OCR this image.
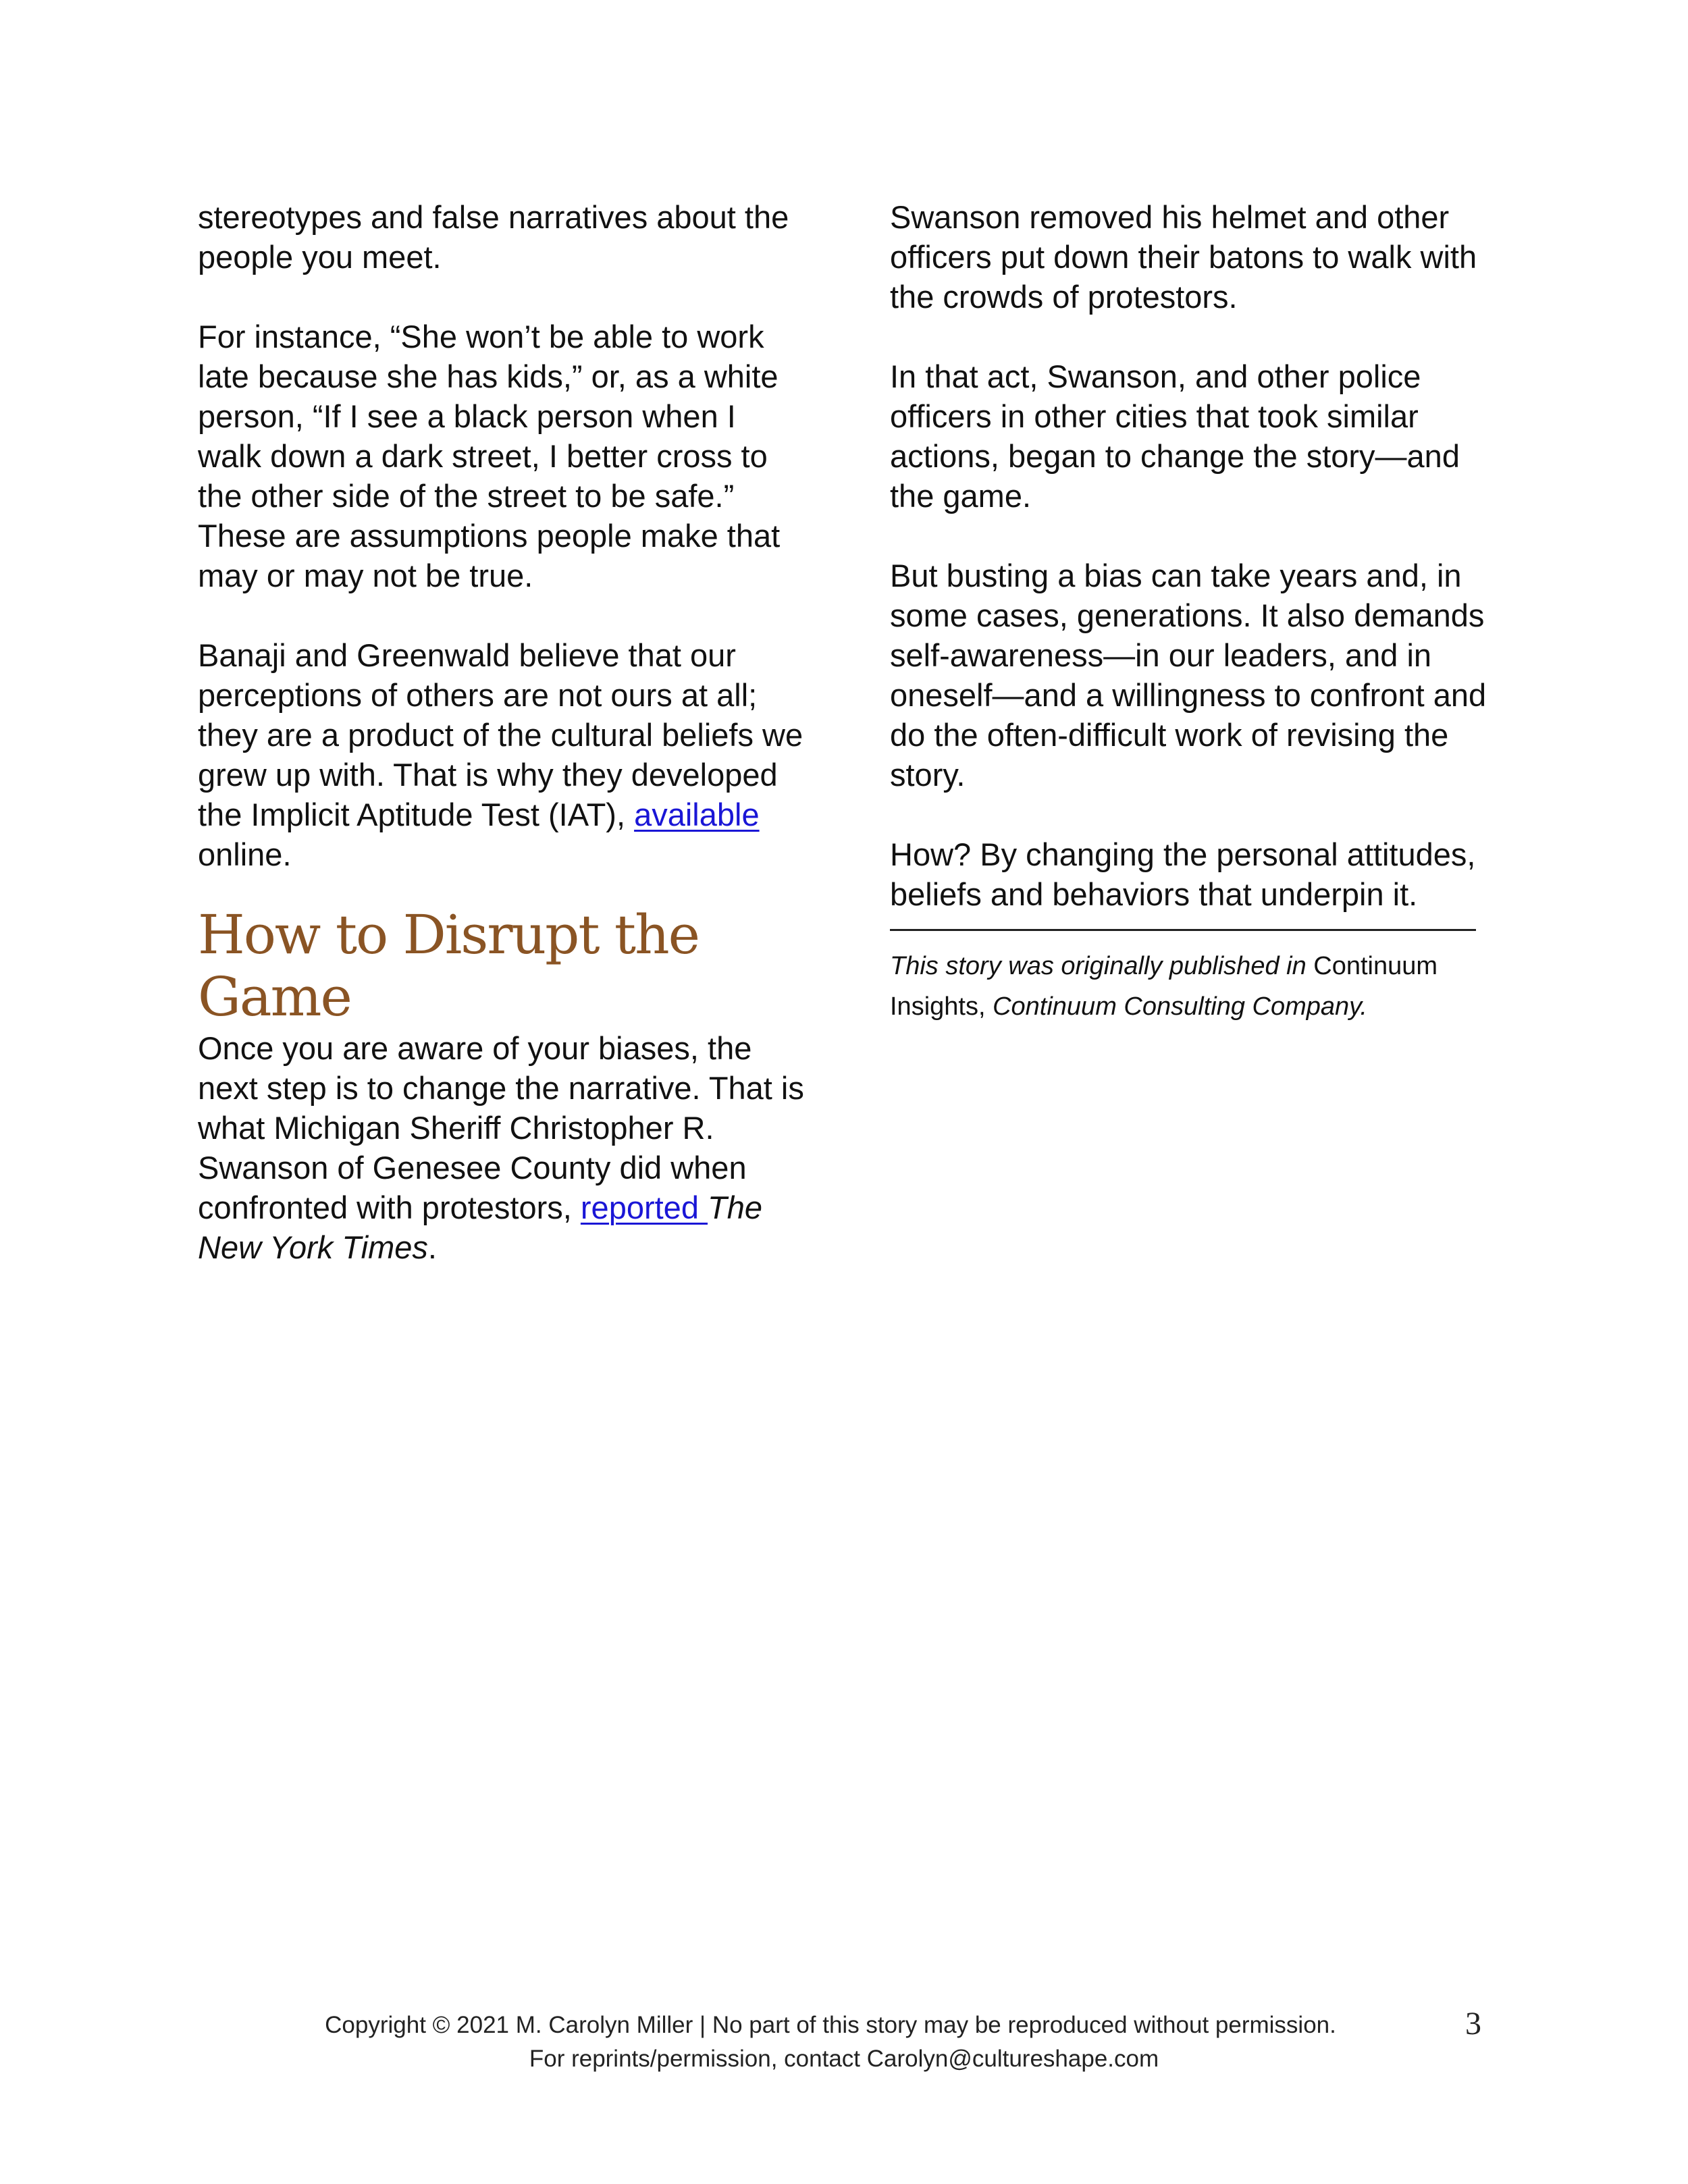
stereotypes and false narratives about the people you meet.

For instance, “She won’t be able to work late because she has kids,” or, as a white person, “If I see a black person when I walk down a dark street, I better cross to the other side of the street to be safe.” These are assumptions people make that may or may not be true.

Banaji and Greenwald believe that our perceptions of others are not ours at all; they are a product of the cultural beliefs we grew up with. That is why they developed the Implicit Aptitude Test (IAT), available online.

How to Disrupt the Game

Once you are aware of your biases, the next step is to change the narrative. That is what Michigan Sheriff Christopher R. Swanson of Genesee County did when confronted with protestors, reported The New York Times.

Swanson removed his helmet and other officers put down their batons to walk with the crowds of protestors.

In that act, Swanson, and other police officers in other cities that took similar actions, began to change the story—and the game.

But busting a bias can take years and, in some cases, generations. It also demands self-awareness—in our leaders, and in oneself—and a willingness to confront and do the often-difficult work of revising the story.

How? By changing the personal attitudes, beliefs and behaviors that underpin it.

This story was originally published in Continuum Insights, Continuum Consulting Company.
Copyright © 2021 M. Carolyn Miller | No part of this story may be reproduced without permission.
For reprints/permission, contact Carolyn@cultureshape.com
3
